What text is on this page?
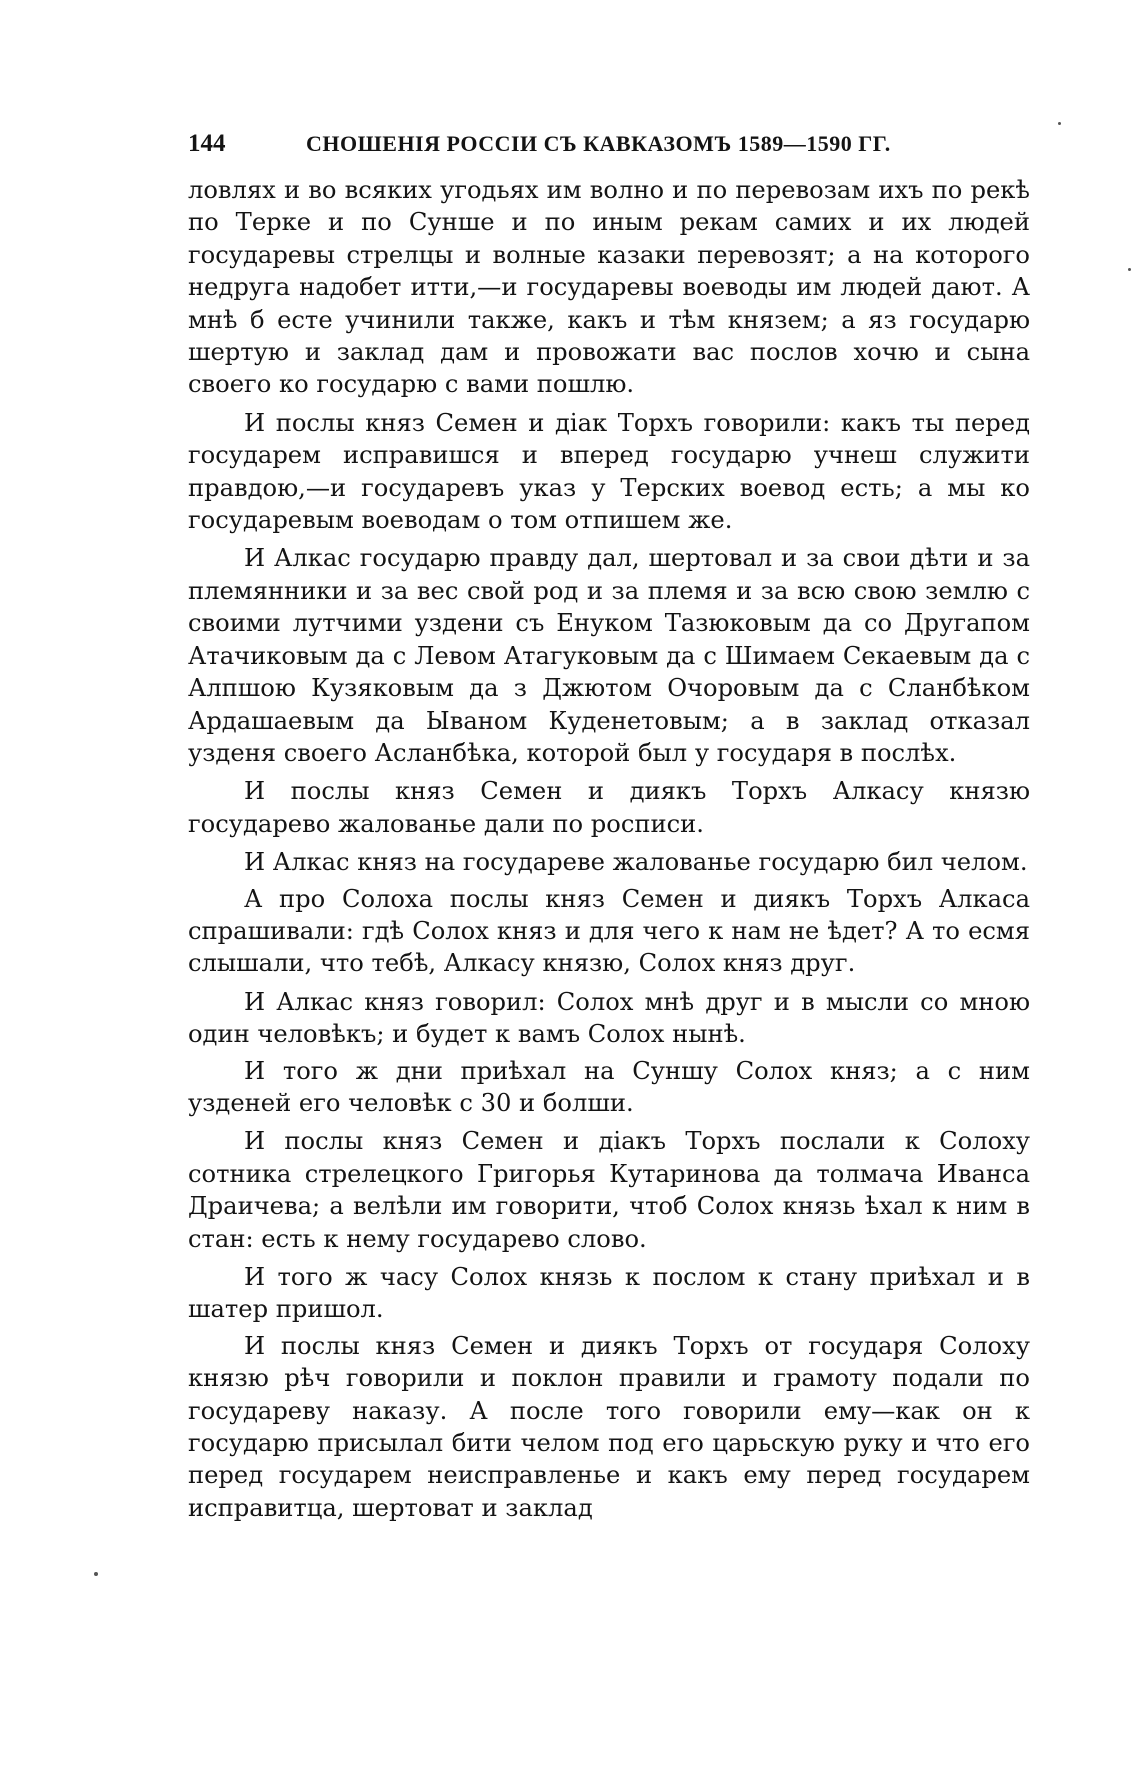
144	СНОШЕНІЯ РОССІИ СЪ КАВКАЗОМЪ 1589—1590 ГГ.

ловлях и во всяких угодьях им волно и по перевозам ихъ по рекѣ по Терке и по Сунше и по иным рекам самих и их людей государевы стрелцы и волные казаки перевозят; а на которого недруга надобет итти,—и государевы воеводы им людей дают. А мнѣ б есте учинили также, какъ и тѣм князем; а яз государю шертую и заклад дам и провожати вас послов хочю и сына своего ко государю с вами пошлю.

И послы княз Семен и діак Торхъ говорили: какъ ты перед государем исправишся и вперед государю учнеш служити правдою,—и государевъ указ у Терских воевод есть; а мы ко государевым воеводам о том отпишем же.

И Алкас государю правду дал, шертовал и за свои дѣти и за племянники и за вес свой род и за племя и за всю свою землю с своими лутчими уздени съ Енуком Тазюковым да со Другапом Атачиковым да с Левом Атагуковым да с Шимаем Секаевым да с Алпшою Кузяковым да з Джютом Очоровым да с Сланбѣком Ардашаевым да Ываном Куденетовым; а в заклад отказал узденя своего Асланбѣка, которой был у государя в послѣх.

И послы княз Семен и диякъ Торхъ Алкасу князю государево жалованье дали по росписи.

И Алкас княз на государеве жалованье государю бил челом.

А про Солоха послы княз Семен и диякъ Торхъ Алкаса спрашивали: гдѣ Солох княз и для чего к нам не ѣдет? А то есмя слышали, что тебѣ, Алкасу князю, Солох княз друг.

И Алкас княз говорил: Солох мнѣ друг и в мысли со мною один человѣкъ; и будет к вамъ Солох нынѣ.

И того ж дни приѣхал на Суншу Солох княз; а с ним узденей его человѣк с 30 и болши.

И послы княз Семен и діакъ Торхъ послали к Солоху сотника стрелецкого Григорья Кутаринова да толмача Иванса Драичева; а велѣли им говорити, чтоб Солох князь ѣхал к ним в стан: есть к нему государево слово.

И того ж часу Солох князь к послом к стану приѣхал и в шатер пришол.

И послы княз Семен и диякъ Торхъ от государя Солоху князю рѣч говорили и поклон правили и грамоту подали по государеву наказу. А после того говорили ему—как он к государю присылал бити челом под его царьскую руку и что его перед государем неисправленье и какъ ему перед государем исправитца, шертоват и заклад
